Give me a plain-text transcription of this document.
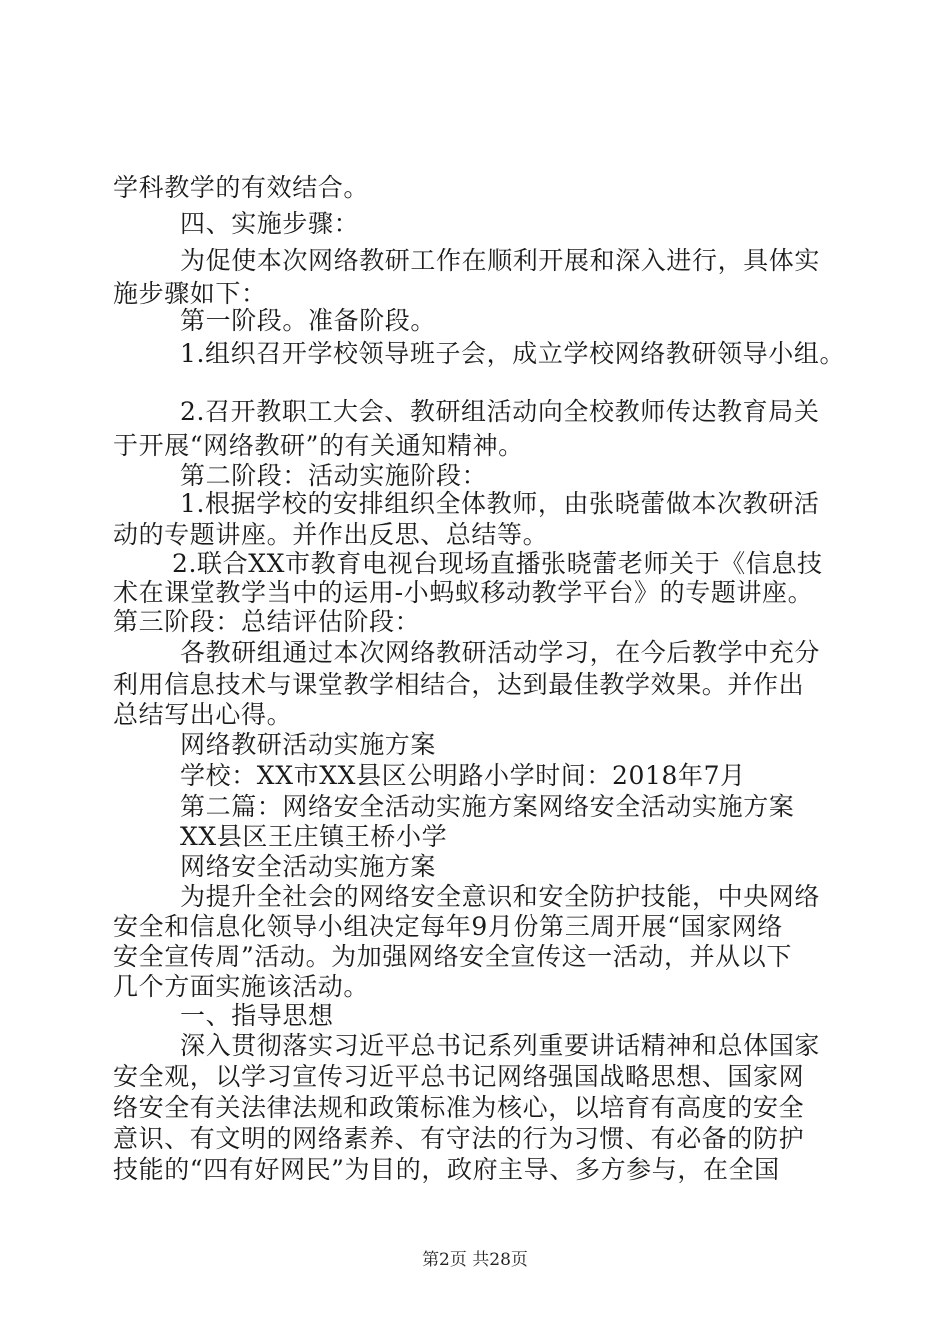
学科教学的有效结合。
四、实施步骤：
为促使本次网络教研工作在顺利开展和深入进行，具体实
施步骤如下：
第一阶段。准备阶段。
1.组织召开学校领导班子会，成立学校网络教研领导小组。
2.召开教职工大会、教研组活动向全校教师传达教育局关
于开展“网络教研”的有关通知精神。
第二阶段：活动实施阶段：
1.根据学校的安排组织全体教师，由张晓蕾做本次教研活
动的专题讲座。并作出反思、总结等。
2.联合XX市教育电视台现场直播张晓蕾老师关于《信息技
术在课堂教学当中的运用-小蚂蚁移动教学平台》的专题讲座。
第三阶段：总结评估阶段：
各教研组通过本次网络教研活动学习，在今后教学中充分
利用信息技术与课堂教学相结合，达到最佳教学效果。并作出
总结写出心得。
网络教研活动实施方案
学校：XX市XX县区公明路小学时间：2018年7月
第二篇：网络安全活动实施方案网络安全活动实施方案
XX县区王庄镇王桥小学
网络安全活动实施方案
为提升全社会的网络安全意识和安全防护技能，中央网络
安全和信息化领导小组决定每年9月份第三周开展“国家网络
安全宣传周”活动。为加强网络安全宣传这一活动，并从以下
几个方面实施该活动。
一、指导思想
深入贯彻落实习近平总书记系列重要讲话精神和总体国家
安全观，以学习宣传习近平总书记网络强国战略思想、国家网
络安全有关法律法规和政策标准为核心，以培育有高度的安全
意识、有文明的网络素养、有守法的行为习惯、有必备的防护
技能的“四有好网民”为目的，政府主导、多方参与，在全国
第2页 共28页
